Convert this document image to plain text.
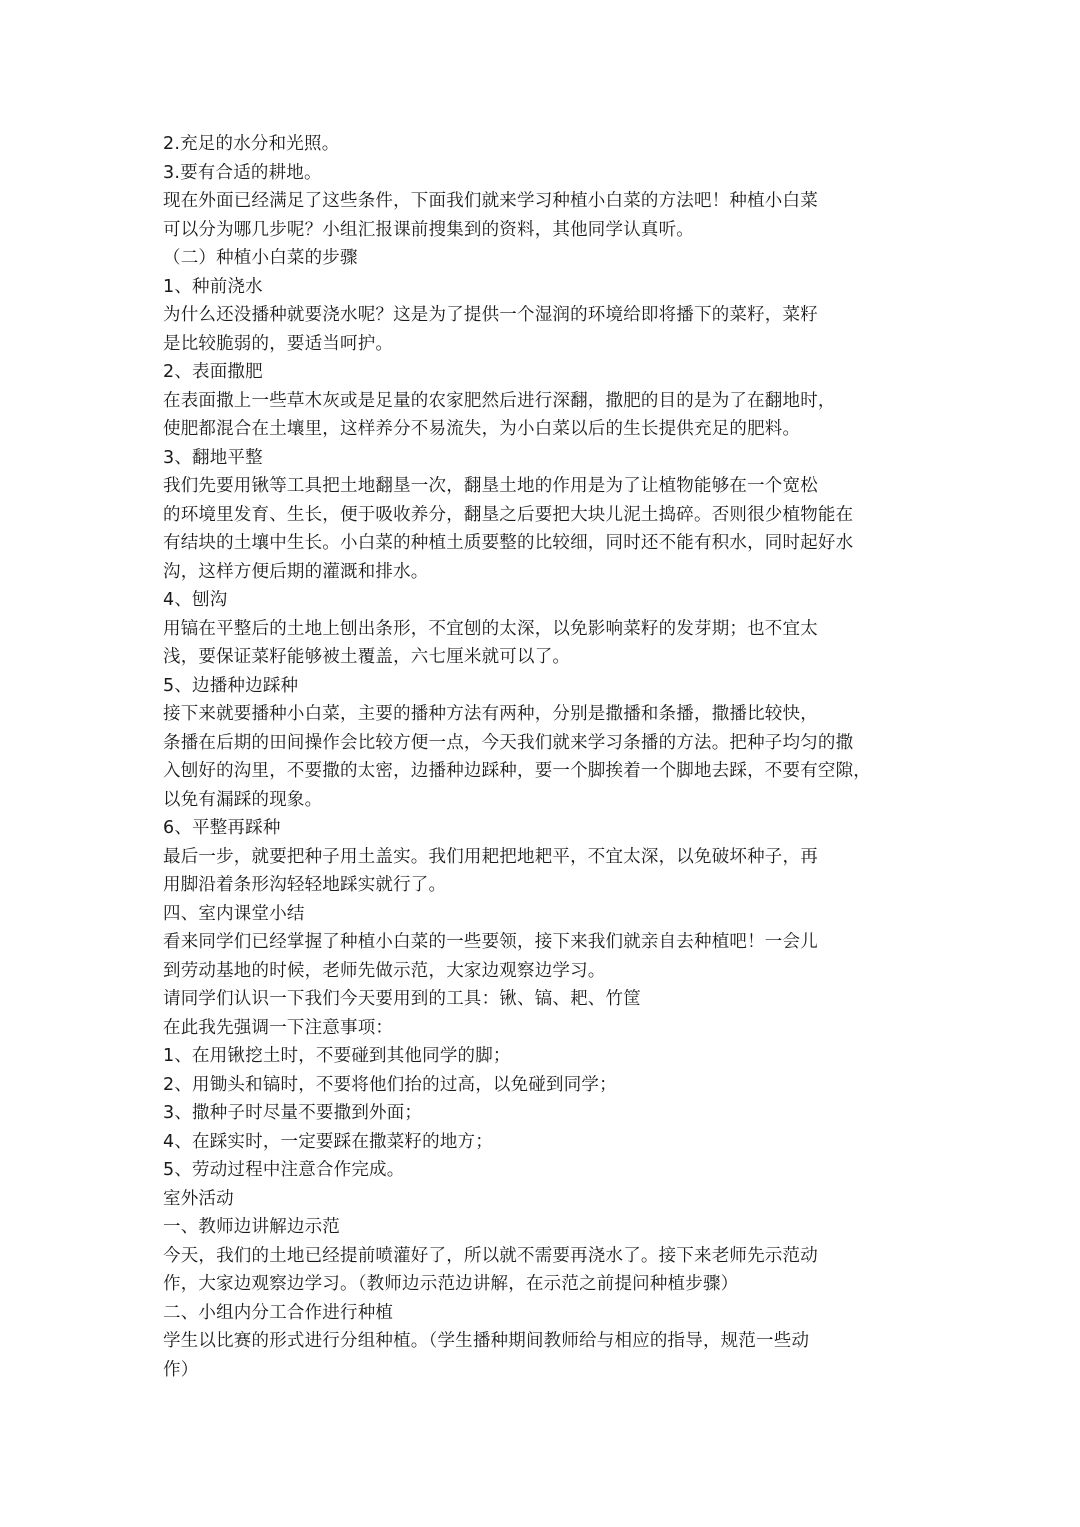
2.充足的水分和光照。
3.要有合适的耕地。
现在外面已经满足了这些条件，下面我们就来学习种植小白菜的方法吧！种植小白菜
可以分为哪几步呢？小组汇报课前搜集到的资料，其他同学认真听。
（二）种植小白菜的步骤
1、种前浇水
为什么还没播种就要浇水呢？这是为了提供一个湿润的环境给即将播下的菜籽，菜籽
是比较脆弱的，要适当呵护。
2、表面撒肥
在表面撒上一些草木灰或是足量的农家肥然后进行深翻，撒肥的目的是为了在翻地时，
使肥都混合在土壤里，这样养分不易流失，为小白菜以后的生长提供充足的肥料。
3、翻地平整
我们先要用锹等工具把土地翻垦一次，翻垦土地的作用是为了让植物能够在一个宽松
的环境里发育、生长，便于吸收养分，翻垦之后要把大块儿泥土捣碎。否则很少植物能在
有结块的土壤中生长。小白菜的种植土质要整的比较细，同时还不能有积水，同时起好水
沟，这样方便后期的灌溉和排水。
4、刨沟
用镐在平整后的土地上刨出条形，不宜刨的太深，以免影响菜籽的发芽期；也不宜太
浅，要保证菜籽能够被土覆盖，六七厘米就可以了。
5、边播种边踩种
接下来就要播种小白菜，主要的播种方法有两种，分别是撒播和条播，撒播比较快，
条播在后期的田间操作会比较方便一点，今天我们就来学习条播的方法。把种子均匀的撒
入刨好的沟里，不要撒的太密，边播种边踩种，要一个脚挨着一个脚地去踩，不要有空隙，
以免有漏踩的现象。
6、平整再踩种
最后一步，就要把种子用土盖实。我们用耙把地耙平，不宜太深，以免破坏种子，再
用脚沿着条形沟轻轻地踩实就行了。
四、室内课堂小结
看来同学们已经掌握了种植小白菜的一些要领，接下来我们就亲自去种植吧！一会儿
到劳动基地的时候，老师先做示范，大家边观察边学习。
请同学们认识一下我们今天要用到的工具：锹、镐、耙、竹筐
在此我先强调一下注意事项：
1、在用锹挖土时，不要碰到其他同学的脚；
2、用锄头和镐时，不要将他们抬的过高，以免碰到同学；
3、撒种子时尽量不要撒到外面；
4、在踩实时，一定要踩在撒菜籽的地方；
5、劳动过程中注意合作完成。
室外活动
一、教师边讲解边示范
今天，我们的土地已经提前喷灌好了，所以就不需要再浇水了。接下来老师先示范动
作，大家边观察边学习。（教师边示范边讲解，在示范之前提问种植步骤）
二、小组内分工合作进行种植
学生以比赛的形式进行分组种植。（学生播种期间教师给与相应的指导，规范一些动
作）
